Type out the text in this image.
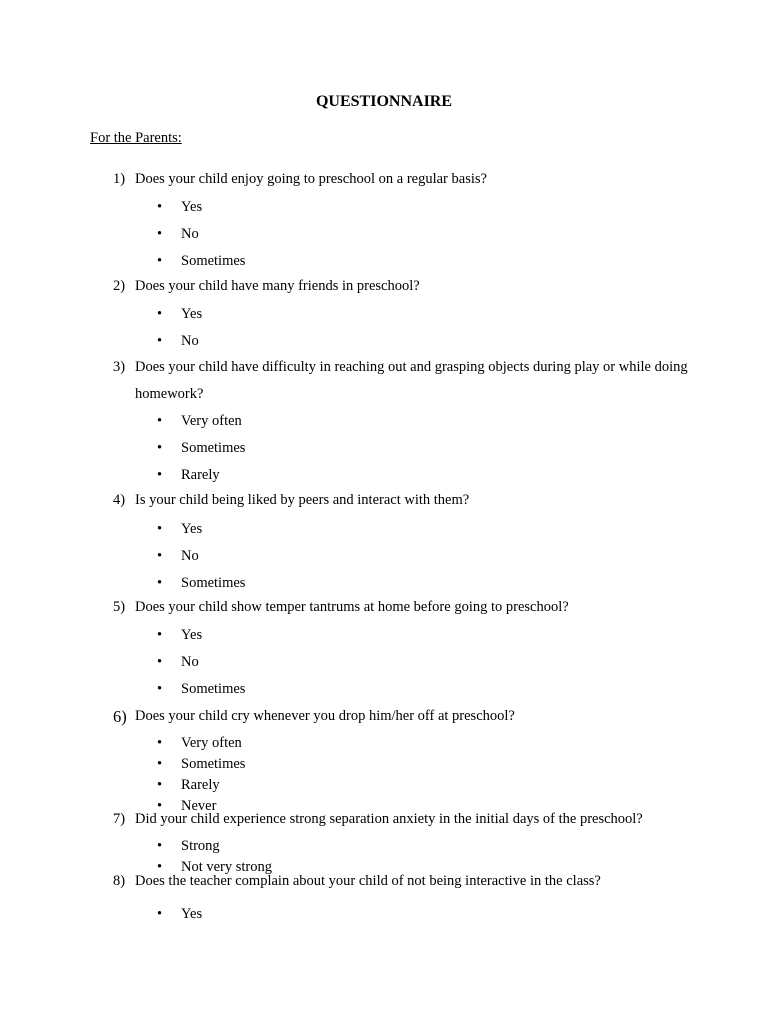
QUESTIONNAIRE
For the Parents:
1) Does your child enjoy going to preschool on a regular basis?
• Yes
• No
• Sometimes
2) Does your child have many friends in preschool?
• Yes
• No
3) Does your child have difficulty in reaching out and grasping objects during play or while doing homework?
• Very often
• Sometimes
• Rarely
4) Is your child being liked by peers and interact with them?
• Yes
• No
• Sometimes
5) Does your child show temper tantrums at home before going to preschool?
• Yes
• No
• Sometimes
6) Does your child cry whenever you drop him/her off at preschool?
• Very often
• Sometimes
• Rarely
• Never
7) Did your child experience strong separation anxiety in the initial days of the preschool?
• Strong
• Not very strong
8) Does the teacher complain about your child of not being interactive in the class?
• Yes
